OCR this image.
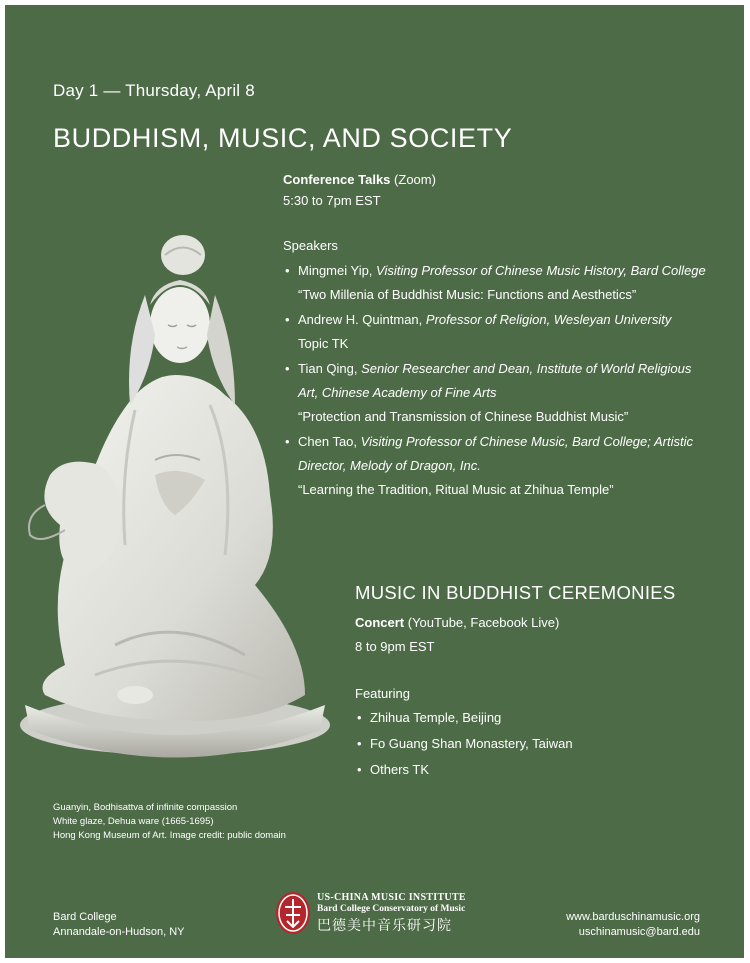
Day 1 — Thursday, April 8
BUDDHISM, MUSIC, AND SOCIETY
Conference Talks (Zoom)
5:30 to 7pm EST
Speakers
• Mingmei Yip, Visiting Professor of Chinese Music History, Bard College
“Two Millenia of Buddhist Music: Functions and Aesthetics”
• Andrew H. Quintman, Professor of Religion, Wesleyan University
Topic TK
• Tian Qing, Senior Researcher and Dean, Institute of World Religious Art, Chinese Academy of Fine Arts
“Protection and Transmission of Chinese Buddhist Music”
• Chen Tao, Visiting Professor of Chinese Music, Bard College; Artistic Director, Melody of Dragon, Inc.
“Learning the Tradition, Ritual Music at Zhihua Temple”
MUSIC IN BUDDHIST CEREMONIES
Concert (YouTube, Facebook Live)
8 to 9pm EST
Featuring
• Zhihua Temple, Beijing
• Fo Guang Shan Monastery, Taiwan
• Others TK
Guanyin, Bodhisattva of infinite compassion
White glaze, Dehua ware (1665-1695)
Hong Kong Museum of Art. Image credit: public domain
Bard College
Annandale-on-Hudson, NY
US-CHINA MUSIC INSTITUTE
Bard College Conservatory of Music
巴德美中音乐研习院
www.barduschinamusic.org
uschinamusic@bard.edu
